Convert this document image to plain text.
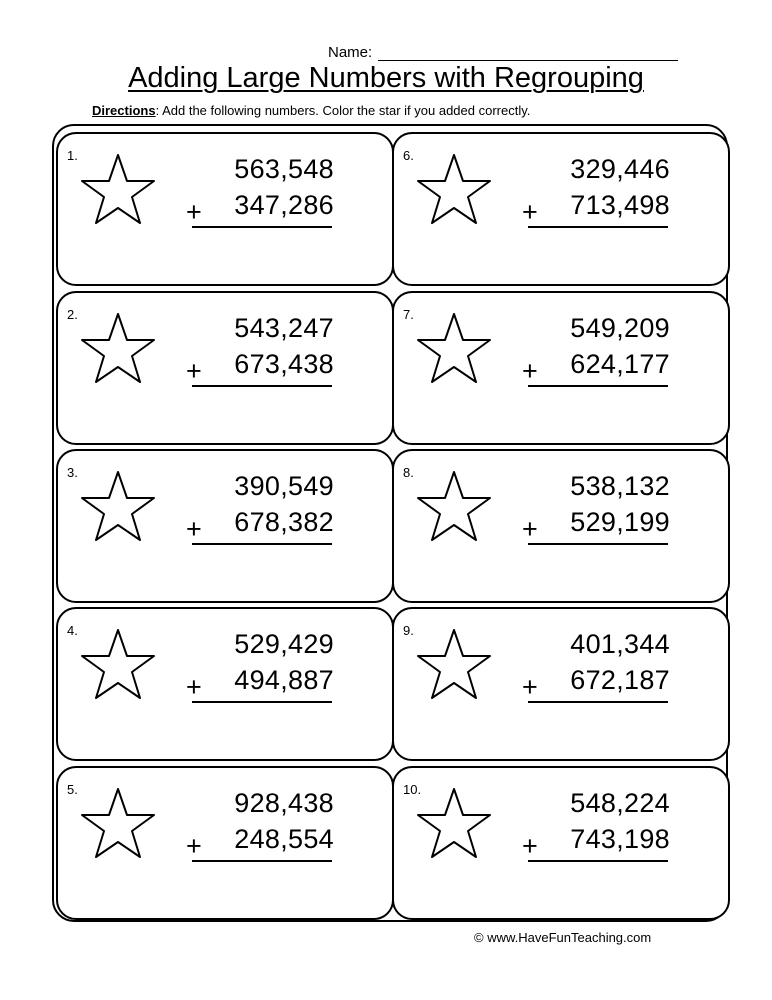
Name:
Adding Large Numbers with Regrouping
Directions: Add the following numbers. Color the star if you added correctly.
1.	563,548
347,286
+
2.	543,247
673,438
+
3.	390,549
678,382
+
4.	529,429
494,887
+
5.	928,438
248,554
+
6.	329,446
713,498
+
7.	549,209
624,177
+
8.	538,132
529,199
+
9.	401,344
672,187
+
10.	548,224
743,198
+
© www.HaveFunTeaching.com
